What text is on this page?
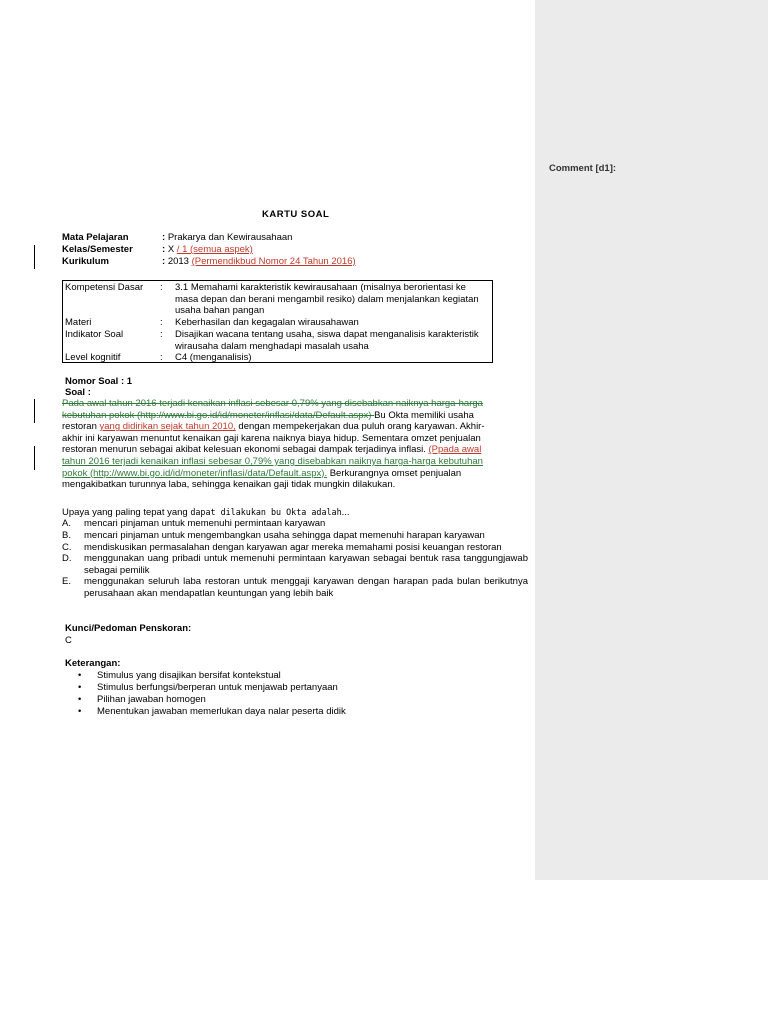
Comment [d1]:
KARTU SOAL
Mata Pelajaran	: Prakarya dan Kewirausahaan
Kelas/Semester	: X / 1 (semua aspek)
Kurikulum	: 2013 (Permendikbud Nomor 24 Tahun 2016)
Kompetensi Dasar : 3.1 Memahami karakteristik kewirausahaan (misalnya berorientasi ke masa depan dan berani mengambil resiko) dalam menjalankan kegiatan usaha bahan pangan
Materi	: Keberhasilan dan kegagalan wirausahawan
Indikator Soal	: Disajikan wacana tentang usaha, siswa dapat menganalisis karakteristik wirausaha dalam menghadapi masalah usaha
Level kognitif	: C4 (menganalisis)
Nomor Soal : 1
Soal :
Pada awal tahun 2016 terjadi kenaikan inflasi sebesar 0,79% yang disebabkan naiknya harga-harga
kebutuhan pokok (http://www.bi.go.id/id/moneter/inflasi/data/Default.aspx) Bu Okta memiliki usaha
restoran yang didirikan sejak tahun 2010, dengan mempekerjakan dua puluh orang karyawan. Akhir-
akhir ini karyawan menuntut kenaikan gaji karena naiknya biaya hidup. Sementara omzet penjualan
restoran menurun sebagai akibat kelesuan ekonomi sebagai dampak terjadinya inflasi. (Ppada awal
tahun 2016 terjadi kenaikan inflasi sebesar 0,79% yang disebabkan naiknya harga-harga kebutuhan
pokok (http://www.bi.go.id/id/moneter/inflasi/data/Default.aspx). Berkurangnya omset penjualan
mengakibatkan turunnya laba, sehingga kenaikan gaji tidak mungkin dilakukan.
Upaya yang paling tepat yang dapat dilakukan bu Okta adalah...
A. mencari pinjaman untuk memenuhi permintaan karyawan
B. mencari pinjaman untuk mengembangkan usaha sehingga dapat memenuhi harapan karyawan
C. mendiskusikan permasalahan dengan karyawan agar mereka memahami posisi keuangan restoran
D. menggunakan uang pribadi untuk memenuhi permintaan karyawan sebagai bentuk rasa tanggungjawab sebagai pemilik
E. menggunakan seluruh laba restoran untuk menggaji karyawan dengan harapan pada bulan berikutnya perusahaan akan mendapatlan keuntungan yang lebih baik
Kunci/Pedoman Penskoran:
C
Keterangan:
• Stimulus yang disajikan bersifat kontekstual
• Stimulus berfungsi/berperan untuk menjawab pertanyaan
• Pilihan jawaban homogen
• Menentukan jawaban memerlukan daya nalar peserta didik
